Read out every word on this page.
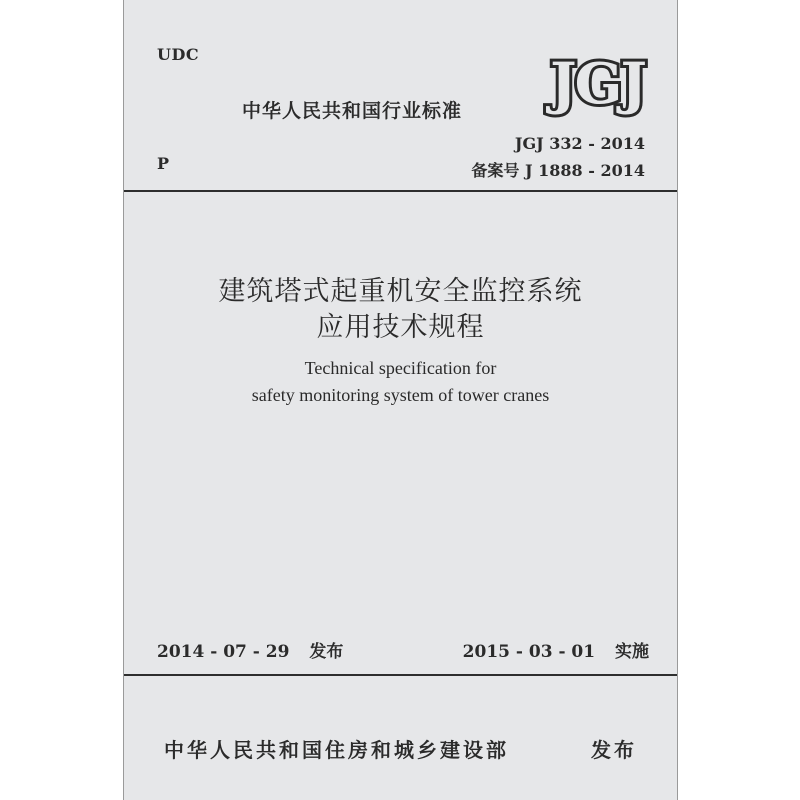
UDC
中华人民共和国行业标准 JGJ
JGJ 332 - 2014
P	备案号 J 1888 - 2014
建筑塔式起重机安全监控系统
应用技术规程
Technical specification for
safety monitoring system of tower cranes
2014 - 07 - 29 发布	2015 - 03 - 01 实施
中华人民共和国住房和城乡建设部	发布
